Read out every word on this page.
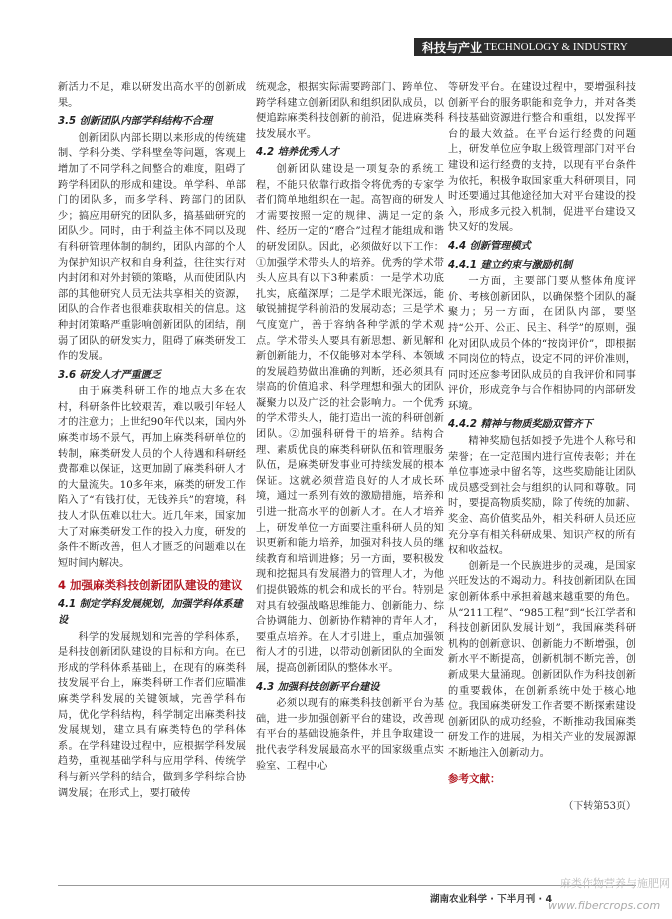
科技与产业 TECHNOLOGY & INDUSTRY

新活力不足，难以研发出高水平的创新成果。

3.5 创新团队内部学科结构不合理

创新团队内部长期以来形成的传统建制、学科分类、学科壁垒等问题，客观上增加了不同学科之间整合的难度，阻碍了跨学科团队的形成和建设。单学科、单部门的团队多，而多学科、跨部门的团队少；搞应用研究的团队多，搞基础研究的团队少。同时，由于利益主体不同以及现有科研管理体制的制约，团队内部的个人为保护知识产权和自身利益，往往实行对内封闭和对外封锁的策略，从而使团队内部的其他研究人员无法共享相关的资源，团队的合作者也很难获取相关的信息。这种封闭策略严重影响创新团队的团结，削弱了团队的研发实力，阻碍了麻类研发工作的发展。

3.6 研发人才严重匮乏

由于麻类科研工作的地点大多在农村，科研条件比较艰苦，难以吸引年轻人才的注意力；上世纪90年代以来，国内外麻类市场不景气，再加上麻类科研单位的转制，麻类研发人员的个人待遇和科研经费都难以保证，这更加剧了麻类科研人才的大量流失。10多年来，麻类的研发工作陷入了“有钱打仗，无钱养兵”的窘境，科技人才队伍难以壮大。近几年来，国家加大了对麻类研发工作的投入力度，研发的条件不断改善，但人才匮乏的问题难以在短时间内解决。

4 加强麻类科技创新团队建设的建议
4.1 制定学科发展规划，加强学科体系建设

科学的发展规划和完善的学科体系，是科技创新团队建设的目标和方向。在已形成的学科体系基础上，在现有的麻类科技发展平台上，麻类科研工作者们应瞄准麻类学科发展的关键领域，完善学科布局，优化学科结构，科学制定出麻类科技发展规划，建立具有麻类特色的学科体系。在学科建设过程中，应根据学科发展趋势，重视基础学科与应用学科、传统学科与新兴学科的结合，做到多学科综合协调发展；在形式上，要打破传

统观念，根据实际需要跨部门、跨单位、跨学科建立创新团队和组织团队成员，以便追踪麻类科技创新的前沿，促进麻类科技发展水平。

4.2 培养优秀人才

创新团队建设是一项复杂的系统工程，不能只依靠行政指令将优秀的专家学者们简单地组织在一起。高智商的研发人才需要按照一定的规律、满足一定的条件、经历一定的“磨合”过程才能组成和谐的研发团队。因此，必须做好以下工作：①加强学术带头人的培养。优秀的学术带头人应具有以下3种素质：一是学术功底扎实，底蕴深厚；二是学术眼光深远，能敏锐捕捉学科前沿的发展动态；三是学术气度宽广，善于容纳各种学派的学术观点。学术带头人要具有新思想、新见解和新创新能力，不仅能够对本学科、本领域的发展趋势做出准确的判断，还必须具有崇高的价值追求、科学理想和强大的团队凝聚力以及广泛的社会影响力。一个优秀的学术带头人，能打造出一流的科研创新团队。②加强科研骨干的培养。结构合理、素质优良的麻类科研队伍和管理服务队伍，是麻类研发事业可持续发展的根本保证。这就必须营造良好的人才成长环境，通过一系列有效的激励措施，培养和引进一批高水平的创新人才。在人才培养上，研发单位一方面要注重科研人员的知识更新和能力培养，加强对科技人员的继续教育和培训进修；另一方面，要积极发现和挖掘具有发展潜力的管理人才，为他们提供锻炼的机会和成长的平台。特别是对具有较强战略思维能力、创新能力、综合协调能力、创新协作精神的青年人才，要重点培养。在人才引进上，重点加强领衔人才的引进，以带动创新团队的全面发展，提高创新团队的整体水平。

4.3 加强科技创新平台建设

必须以现有的麻类科技创新平台为基础，进一步加强创新平台的建设，改善现有平台的基础设施条件，并且争取建设一批代表学科发展最高水平的国家级重点实验室、工程中心

等研发平台。在建设过程中，要增强科技创新平台的服务职能和竞争力，并对各类科技基础资源进行整合和重组，以发挥平台的最大效益。在平台运行经费的问题上，研发单位应争取上级管理部门对平台建设和运行经费的支持，以现有平台条件为依托，积极争取国家重大科研项目，同时还要通过其他途径加大对平台建设的投入，形成多元投入机制，促进平台建设又快又好的发展。

4.4 创新管理模式
4.4.1 建立约束与激励机制

一方面，主要部门要从整体角度评价、考核创新团队，以确保整个团队的凝聚力；另一方面，在团队内部，要坚持“公开、公正、民主、科学”的原则，强化对团队成员个体的“按岗评价”，即根据不同岗位的特点，设定不同的评价准则，同时还应参考团队成员的自我评价和同事评价，形成竞争与合作相协同的内部研发环境。

4.4.2 精神与物质奖励双管齐下

精神奖励包括如授予先进个人称号和荣誉；在一定范围内进行宣传表彰；并在单位事迹录中留名等，这些奖励能让团队成员感受到社会与组织的认同和尊敬。同时，要提高物质奖励，除了传统的加薪、奖金、高价值奖品外，相关科研人员还应充分享有相关科研成果、知识产权的所有权和收益权。

创新是一个民族进步的灵魂，是国家兴旺发达的不竭动力。科技创新团队在国家创新体系中承担着越来越重要的角色。从“211工程”、“985工程”到“长江学者和科技创新团队发展计划”，我国麻类科研机构的创新意识、创新能力不断增强，创新水平不断提高，创新机制不断完善，创新成果大量涌现。创新团队作为科技创新的重要载体，在创新系统中处于核心地位。我国麻类研发工作者要不断探索建设创新团队的成功经验，不断推动我国麻类研发工作的进展，为相关产业的发展源源不断地注入创新动力。

参考文献：
（下转第53页）
湖南农业科学 · 下半月刊 · 4
麻类作物营养与施肥网
www.fibercrops.com
